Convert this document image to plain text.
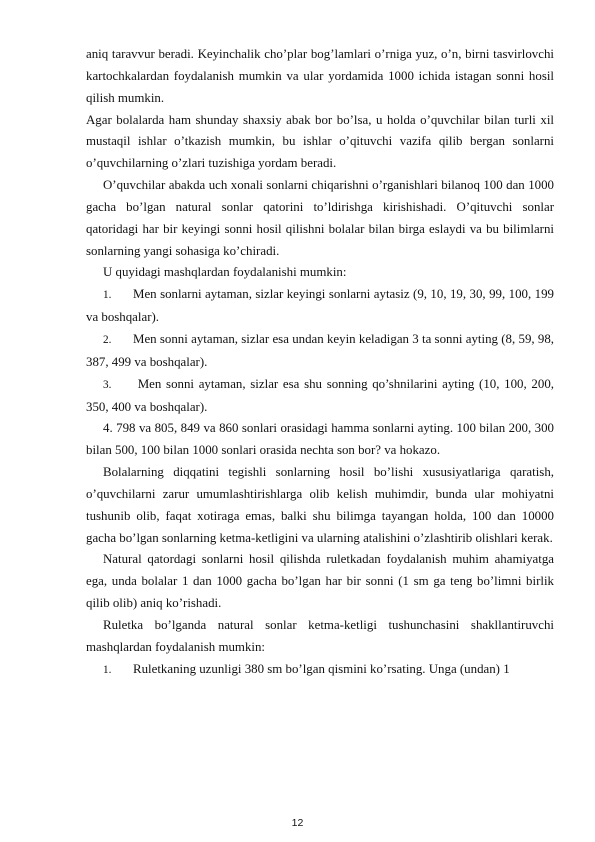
aniq taravvur beradi. Keyinchalik cho’plar bog’lamlari o’rniga yuz, o’n, birni tasvirlovchi kartochkalardan foydalanish mumkin va ular yordamida 1000 ichida istagan sonni hosil qilish mumkin.

Agar bolalarda ham shunday shaxsiy abak bor bo’lsa, u holda o’quvchilar bilan turli xil mustaqil ishlar o’tkazish mumkin, bu ishlar o’qituvchi vazifa qilib bergan sonlarni o’quvchilarning o’zlari tuzishiga yordam beradi.

O’quvchilar abakda uch xonali sonlarni chiqarishni o’rganishlari bilanoq 100 dan 1000 gacha bo’lgan natural sonlar qatorini to’ldirishga kirishishadi. O’qituvchi sonlar qatoridagi har bir keyingi sonni hosil qilishni bolalar bilan birga eslaydi va bu bilimlarni sonlarning yangi sohasiga ko’chiradi.

U quyidagi mashqlardan foydalanishi mumkin:

1. Men sonlarni aytaman, sizlar keyingi sonlarni aytasiz (9, 10, 19, 30, 99, 100, 199 va boshqalar).

2. Men sonni aytaman, sizlar esa undan keyin keladigan 3 ta sonni ayting (8, 59, 98, 387, 499 va boshqalar).

3. Men sonni aytaman, sizlar esa shu sonning qo’shnilarini ayting (10, 100, 200, 350, 400 va boshqalar).

4. 798 va 805, 849 va 860 sonlari orasidagi hamma sonlarni ayting. 100 bilan 200, 300 bilan 500, 100 bilan 1000 sonlari orasida nechta son bor? va hokazo.

Bolalarning diqqatini tegishli sonlarning hosil bo’lishi xususiyatlariga qaratish, o’quvchilarni zarur umumlashtirishlarga olib kelish muhimdir, bunda ular mohiyatni tushunib olib, faqat xotiraga emas, balki shu bilimga tayangan holda, 100 dan 10000 gacha bo’lgan sonlarning ketma-ketligini va ularning atalishini o’zlashtirib olishlari kerak.

Natural qatordagi sonlarni hosil qilishda ruletkadan foydalanish muhim ahamiyatga ega, unda bolalar 1 dan 1000 gacha bo’lgan har bir sonni (1 sm ga teng bo’limni birlik qilib olib) aniq ko’rishadi.

Ruletka bo’lganda natural sonlar ketma-ketligi tushunchasini shakllantiruvchi mashqlardan foydalanish mumkin:

1. Ruletkaning uzunligi 380 sm bo’lgan qismini ko’rsating. Unga (undan) 1

12
